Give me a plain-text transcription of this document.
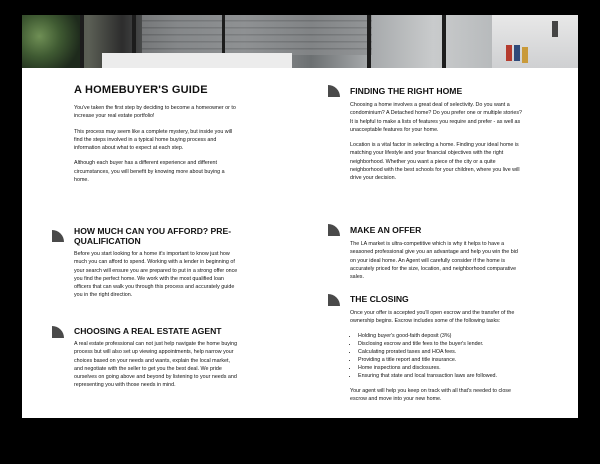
A HOMEBUYER'S GUIDE

You've taken the first step by deciding to become a homeowner or to increase your real estate portfolio!

This process may seem like a complete mystery, but inside you will find the steps involved in a typical home buying process and information about what to expect at each step.

Although each buyer has a different experience and different circumstances, you will benefit by knowing more about buying a home.

HOW MUCH CAN YOU AFFORD? PRE-QUALIFICATION

Before you start looking for a home it's important to know just how much you can afford to spend. Working with a lender in beginning of your search will ensure you are prepared to put in a strong offer once you find the perfect home. We work with the most qualified loan officers that can walk you through this process and accurately guide you in the right direction.

CHOOSING A REAL ESTATE AGENT

A real estate professional can not just help navigate the home buying process but will also set up viewing appointments, help narrow your choices based on your needs and wants, explain the local market, and negotiate with the seller to get you the best deal. We pride ourselves on going above and beyond by listening to your needs and representing you with those needs in mind.

FINDING THE RIGHT HOME

Choosing a home involves a great deal of selectivity. Do you want a condominium? A Detached home? Do you prefer one or multiple stories? It is helpful to make a lists of features you require and prefer - as well as unacceptable features for your home.

Location is a vital factor in selecting a home. Finding your ideal home is matching your lifestyle and your financial objectives with the right neighborhood. Whether you want a piece of the city or a quite neighborhood with the best schools for your children, where you live will drive your decision.

MAKE AN OFFER

The LA market is ultra-competitive which is why it helps to have a seasoned professional give you an advantage and help you win the bid on your ideal home. An Agent will carefully consider if the home is accurately priced for the size, location, and neighborhood comparative sales.

THE CLOSING

Once your offer is accepted you'll open escrow and the transfer of the ownership begins. Escrow includes some of the following tasks:

• Holding buyer's good-faith deposit (3%)
• Disclosing escrow and title fees to the buyer's lender.
• Calculating prorated taxes and HOA fees.
• Providing a title report and title insurance.
• Home inspections and disclosures.
• Ensuring that state and local transaction laws are followed.

Your agent will help you keep on track with all that's needed to close escrow and move into your new home.
